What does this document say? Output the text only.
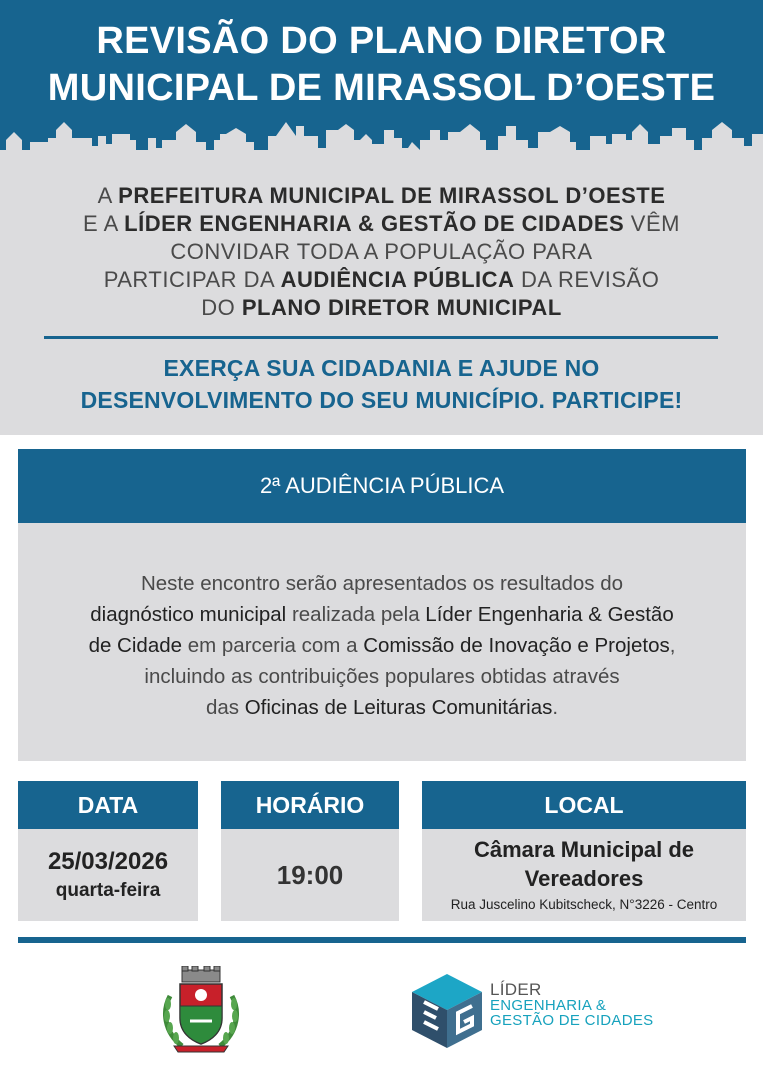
REVISÃO DO PLANO DIRETOR
MUNICIPAL DE MIRASSOL D’OESTE
A PREFEITURA MUNICIPAL DE MIRASSOL D’OESTE
E A LÍDER ENGENHARIA & GESTÃO DE CIDADES VÊM
CONVIDAR TODA A POPULAÇÃO PARA
PARTICIPAR DA AUDIÊNCIA PÚBLICA DA REVISÃO
DO PLANO DIRETOR MUNICIPAL
EXERÇA SUA CIDADANIA E AJUDE NO
DESENVOLVIMENTO DO SEU MUNICÍPIO. PARTICIPE!
2ª AUDIÊNCIA PÚBLICA
Neste encontro serão apresentados os resultados do
diagnóstico municipal realizada pela Líder Engenharia & Gestão
de Cidade em parceria com a Comissão de Inovação e Projetos,
incluindo as contribuições populares obtidas através
das Oficinas de Leituras Comunitárias.
DATA
25/03/2026
quarta-feira
HORÁRIO
19:00
LOCAL
Câmara Municipal de
Vereadores
Rua Juscelino Kubitscheck, N°3226 - Centro
LÍDER
ENGENHARIA &
GESTÃO DE CIDADES
